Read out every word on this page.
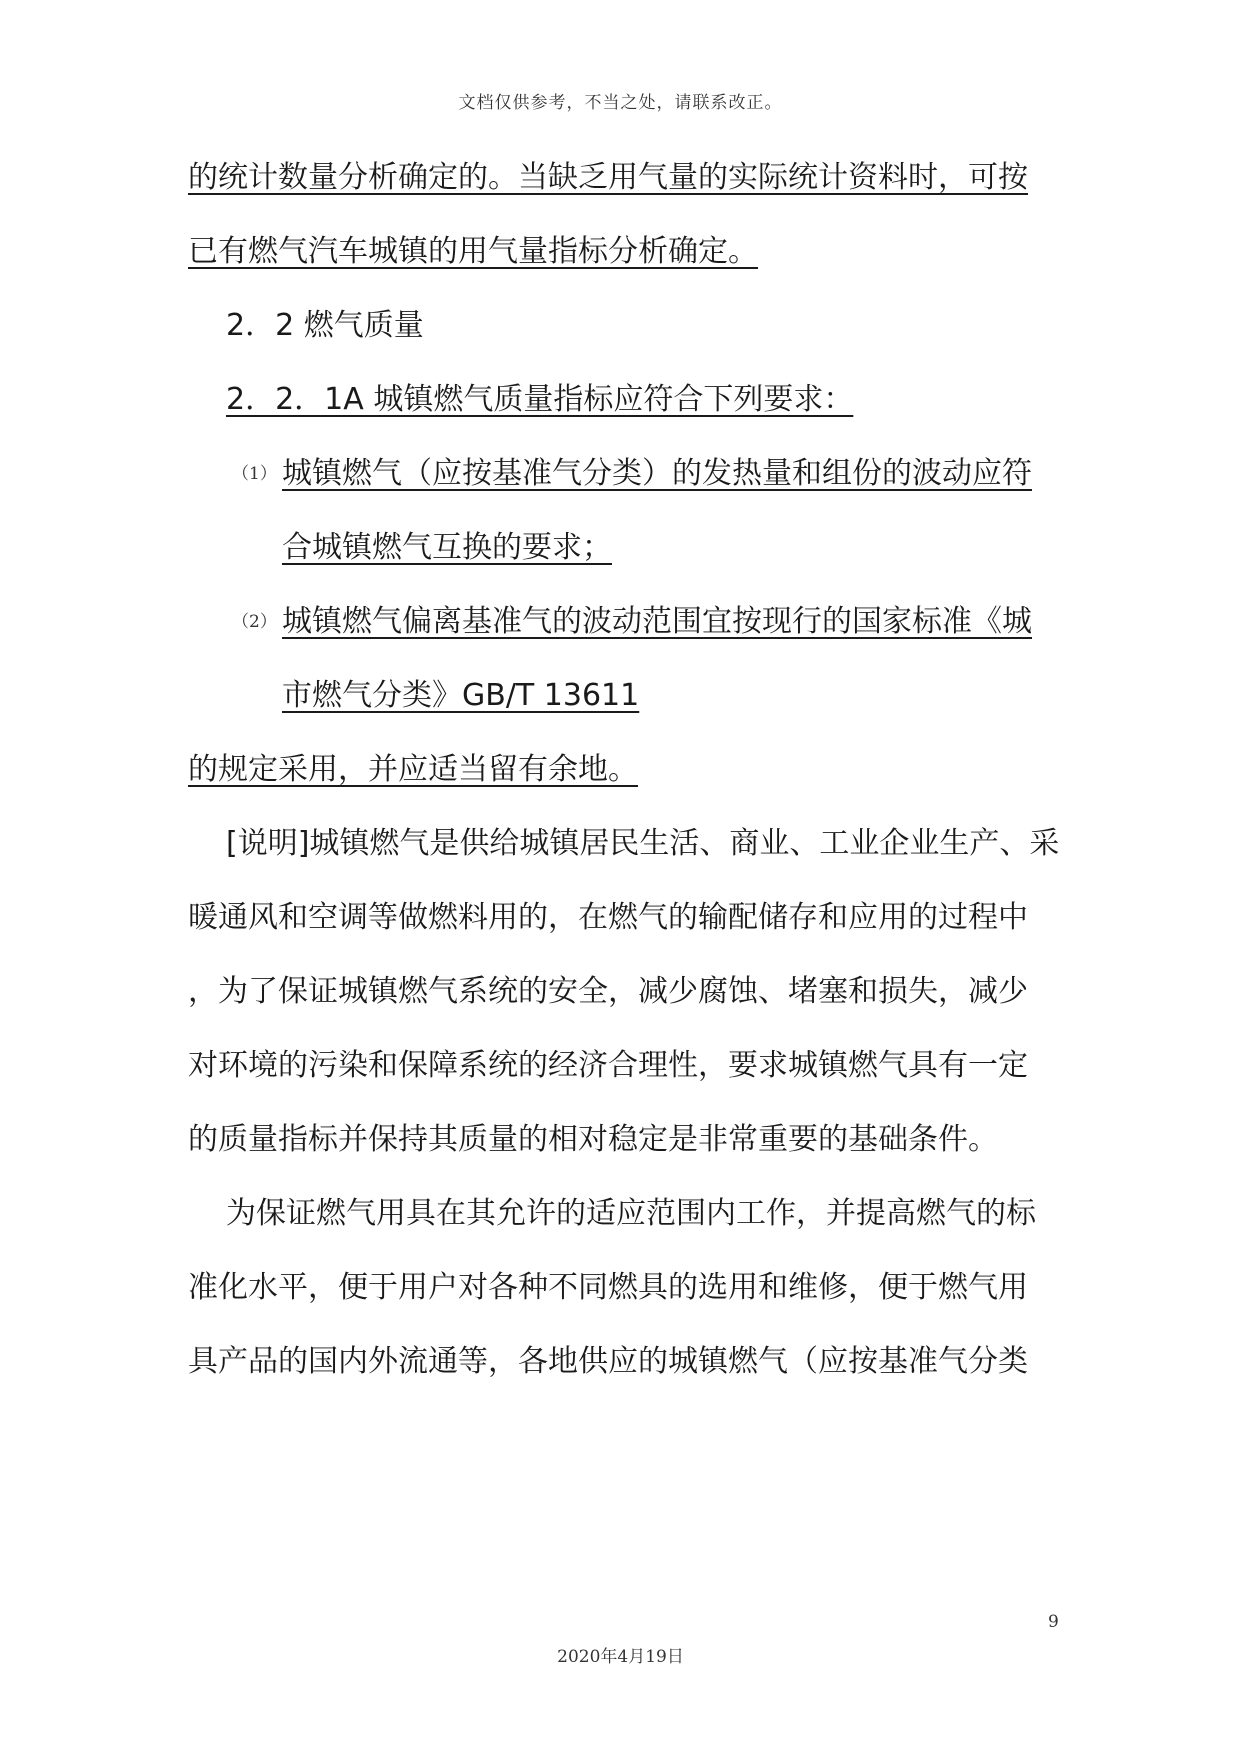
文档仅供参考，不当之处，请联系改正。
的统计数量分析确定的。当缺乏用气量的实际统计资料时，可按
已有燃气汽车城镇的用气量指标分析确定。
2．2 燃气质量
2．2．1A 城镇燃气质量指标应符合下列要求：
（1） 城镇燃气（应按基准气分类）的发热量和组份的波动应符
合城镇燃气互换的要求；
（2） 城镇燃气偏离基准气的波动范围宜按现行的国家标准《城
市燃气分类》GB/T 13611
的规定采用，并应适当留有余地。
[说明]城镇燃气是供给城镇居民生活、商业、工业企业生产、采
暖通风和空调等做燃料用的，在燃气的输配储存和应用的过程中
，为了保证城镇燃气系统的安全，减少腐蚀、堵塞和损失，减少
对环境的污染和保障系统的经济合理性，要求城镇燃气具有一定
的质量指标并保持其质量的相对稳定是非常重要的基础条件。
为保证燃气用具在其允许的适应范围内工作，并提高燃气的标
准化水平，便于用户对各种不同燃具的选用和维修，便于燃气用
具产品的国内外流通等，各地供应的城镇燃气（应按基准气分类
9
2020年4月19日
